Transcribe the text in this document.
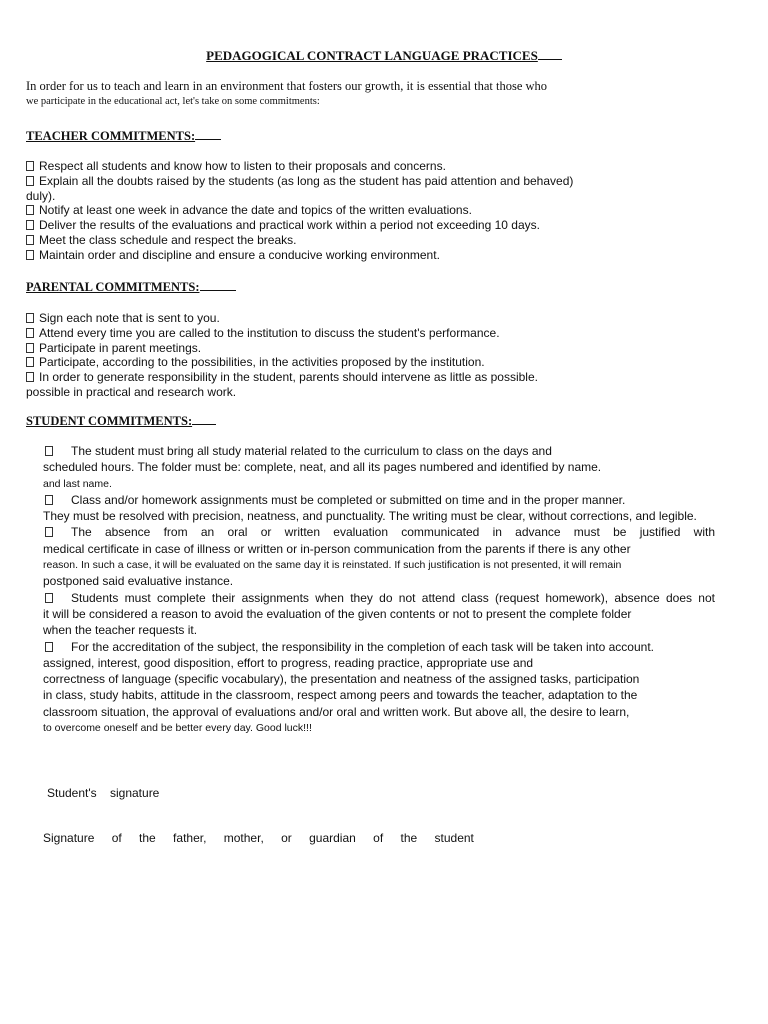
PEDAGOGICAL CONTRACT LANGUAGE PRACTICES
In order for us to teach and learn in an environment that fosters our growth, it is essential that those who
we participate in the educational act, let's take on some commitments:
TEACHER COMMITMENTS:
Respect all students and know how to listen to their proposals and concerns.
Explain all the doubts raised by the students (as long as the student has paid attention and behaved)
duly).
Notify at least one week in advance the date and topics of the written evaluations.
Deliver the results of the evaluations and practical work within a period not exceeding 10 days.
Meet the class schedule and respect the breaks.
Maintain order and discipline and ensure a conducive working environment.
PARENTAL COMMITMENTS:
Sign each note that is sent to you.
Attend every time you are called to the institution to discuss the student's performance.
Participate in parent meetings.
Participate, according to the possibilities, in the activities proposed by the institution.
In order to generate responsibility in the student, parents should intervene as little as possible.
possible in practical and research work.
STUDENT COMMITMENTS:
The student must bring all study material related to the curriculum to class on the days and
scheduled hours. The folder must be: complete, neat, and all its pages numbered and identified by name.
and last name.
Class and/or homework assignments must be completed or submitted on time and in the proper manner.
They must be resolved with precision, neatness, and punctuality. The writing must be clear, without corrections, and legible.
The absence from an oral or written evaluation communicated in advance must be justified with
medical certificate in case of illness or written or in-person communication from the parents if there is any other
reason. In such a case, it will be evaluated on the same day it is reinstated. If such justification is not presented, it will remain
postponed said evaluative instance.
Students must complete their assignments when they do not attend class (request homework), absence does not
it will be considered a reason to avoid the evaluation of the given contents or not to present the complete folder
when the teacher requests it.
For the accreditation of the subject, the responsibility in the completion of each task will be taken into account.
assigned, interest, good disposition, effort to progress, reading practice, appropriate use and
correctness of language (specific vocabulary), the presentation and neatness of the assigned tasks, participation
in class, study habits, attitude in the classroom, respect among peers and towards the teacher, adaptation to the
classroom situation, the approval of evaluations and/or oral and written work. But above all, the desire to learn,
to overcome oneself and be better every day. Good luck!!!
Student's signature
Signature of the father, mother, or guardian of the student
